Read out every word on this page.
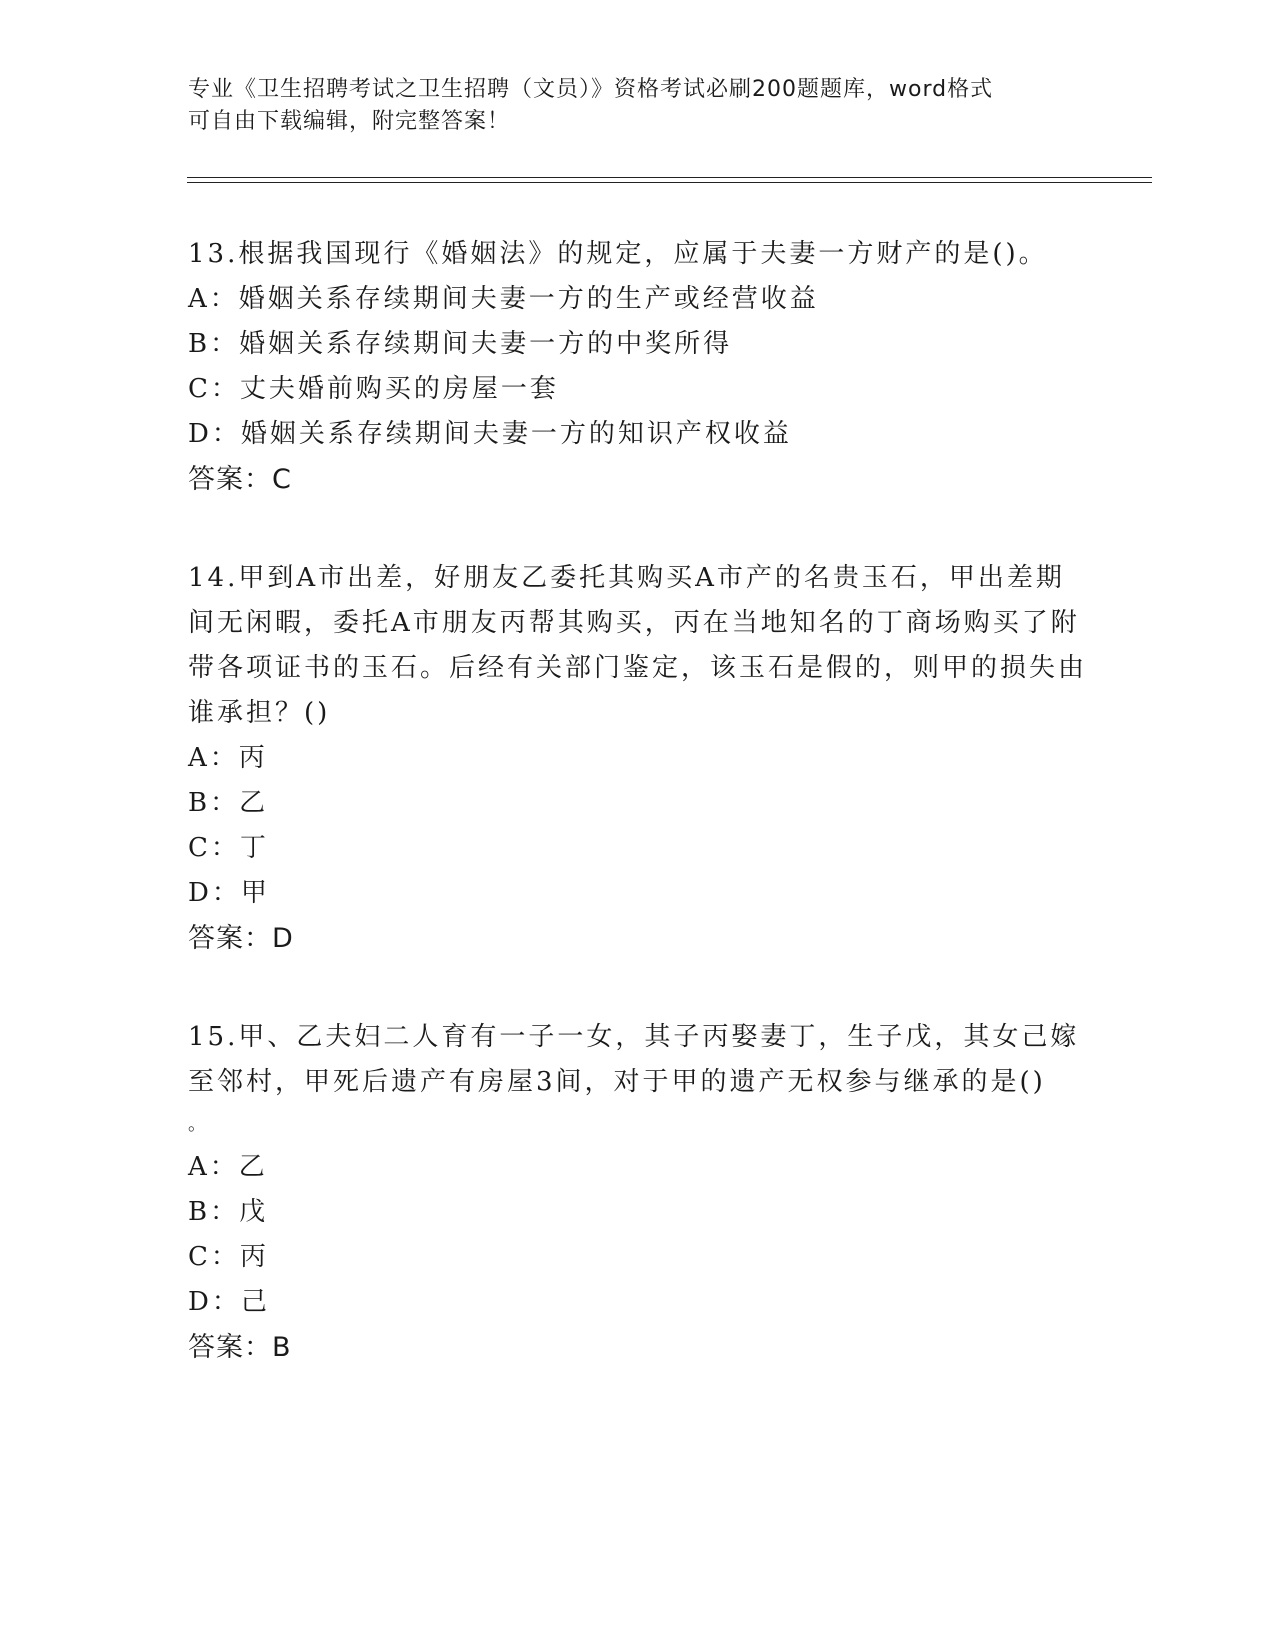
专业《卫生招聘考试之卫生招聘（文员）》资格考试必刷200题题库，word格式
可自由下载编辑，附完整答案！

13.根据我国现行《婚姻法》的规定，应属于夫妻一方财产的是()。

A：婚姻关系存续期间夫妻一方的生产或经营收益

B：婚姻关系存续期间夫妻一方的中奖所得

C：丈夫婚前购买的房屋一套

D：婚姻关系存续期间夫妻一方的知识产权收益

答案：C

14.甲到A市出差，好朋友乙委托其购买A市产的名贵玉石，甲出差期间无闲暇，委托A市朋友丙帮其购买，丙在当地知名的丁商场购买了附带各项证书的玉石。后经有关部门鉴定，该玉石是假的，则甲的损失由谁承担？()

A：丙

B：乙

C：丁

D：甲

答案：D

15.甲、乙夫妇二人育有一子一女，其子丙娶妻丁，生子戊，其女己嫁至邻村，甲死后遗产有房屋3间，对于甲的遗产无权参与继承的是()
。

A：乙

B：戊

C：丙

D：己

答案：B
